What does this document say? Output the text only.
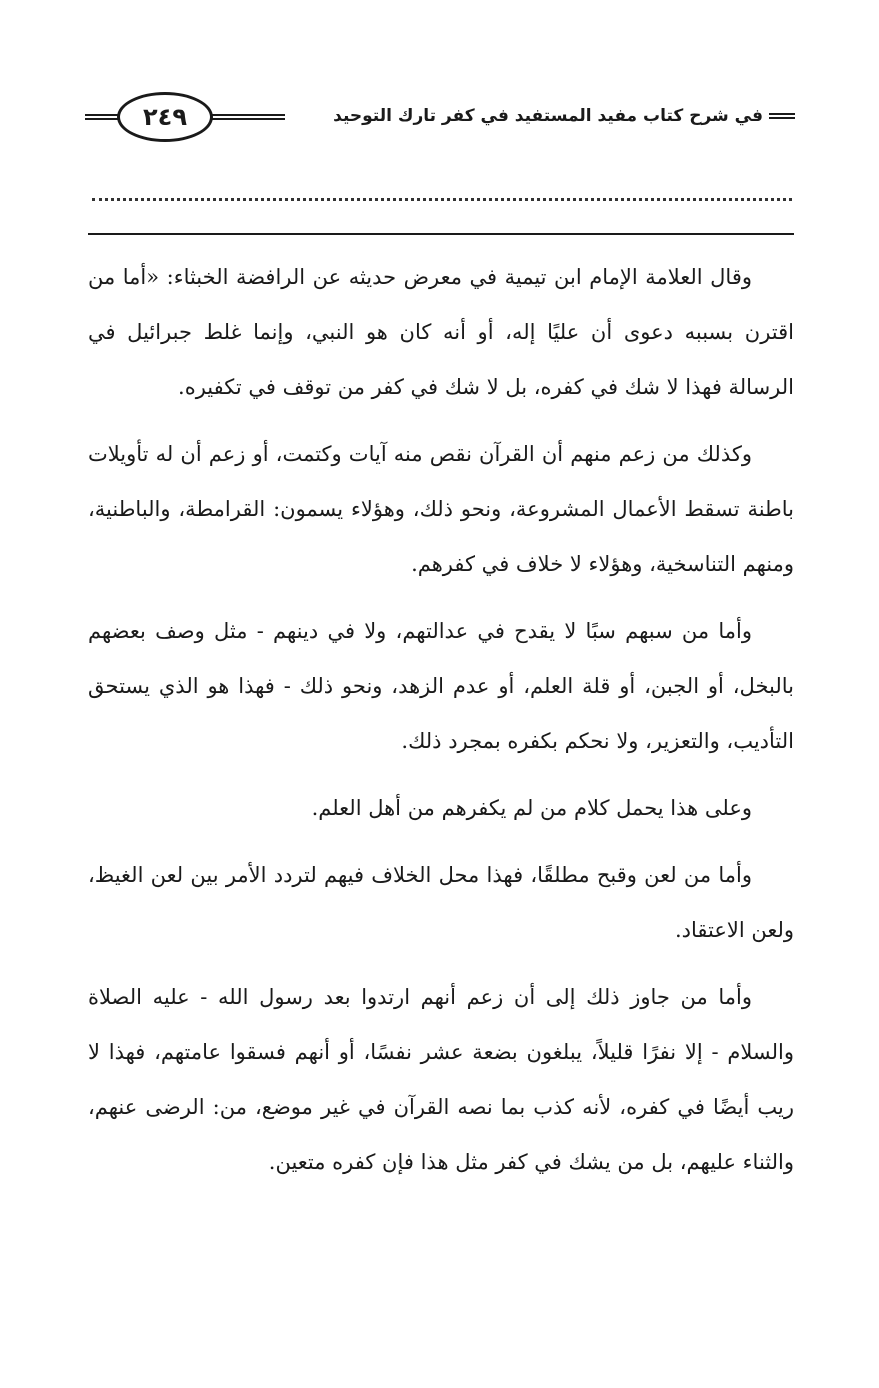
في شرح كتاب مفيد المستفيد في كفر تارك التوحيد
٢٤٩

وقال العلامة الإمام ابن تيمية في معرض حديثه عن الرافضة الخبثاء: «أما من اقترن بسببه دعوى أن عليًا إله، أو أنه كان هو النبي، وإنما غلط جبرائيل في الرسالة فهذا لا شك في كفره، بل لا شك في كفر من توقف في تكفيره.

وكذلك من زعم منهم أن القرآن نقص منه آيات وكتمت، أو زعم أن له تأويلات باطنة تسقط الأعمال المشروعة، ونحو ذلك، وهؤلاء يسمون: القرامطة، والباطنية، ومنهم التناسخية، وهؤلاء لا خلاف في كفرهم.

وأما من سبهم سبًا لا يقدح في عدالتهم، ولا في دينهم - مثل وصف بعضهم بالبخل، أو الجبن، أو قلة العلم، أو عدم الزهد، ونحو ذلك - فهذا هو الذي يستحق التأديب، والتعزير، ولا نحكم بكفره بمجرد ذلك.

وعلى هذا يحمل كلام من لم يكفرهم من أهل العلم.

وأما من لعن وقبح مطلقًا، فهذا محل الخلاف فيهم لتردد الأمر بين لعن الغيظ، ولعن الاعتقاد.

وأما من جاوز ذلك إلى أن زعم أنهم ارتدوا بعد رسول الله - عليه الصلاة والسلام - إلا نفرًا قليلاً، يبلغون بضعة عشر نفسًا، أو أنهم فسقوا عامتهم، فهذا لا ريب أيضًا في كفره، لأنه كذب بما نصه القرآن في غير موضع، من: الرضى عنهم، والثناء عليهم، بل من يشك في كفر مثل هذا فإن كفره متعين.
